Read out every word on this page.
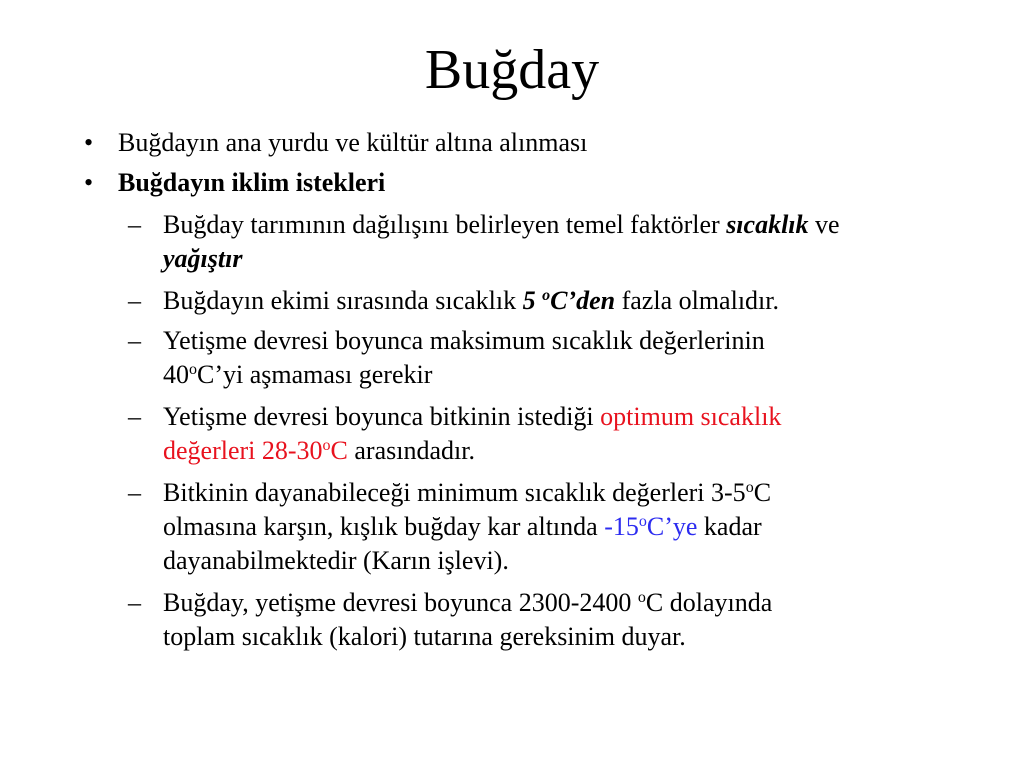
Buğday
• Buğdayın ana yurdu ve kültür altına alınması
• Buğdayın iklim istekleri
– Buğday tarımının dağılışını belirleyen temel faktörler sıcaklık ve
yağıştır
– Buğdayın ekimi sırasında sıcaklık 5 $^o$C’den fazla olmalıdır.
– Yetişme devresi boyunca maksimum sıcaklık değerlerinin
40$^o$C’yi aşmaması gerekir
– Yetişme devresi boyunca bitkinin istediği optimum sıcaklık
değerleri 28-30$^o$C arasındadır.
– Bitkinin dayanabileceği minimum sıcaklık değerleri 3-5$^o$C
olmasına karşın, kışlık buğday kar altında -15$^o$C’ye kadar
dayanabilmektedir (Karın işlevi).
– Buğday, yetişme devresi boyunca 2300-2400 $^o$C dolayında
toplam sıcaklık (kalori) tutarına gereksinim duyar.
